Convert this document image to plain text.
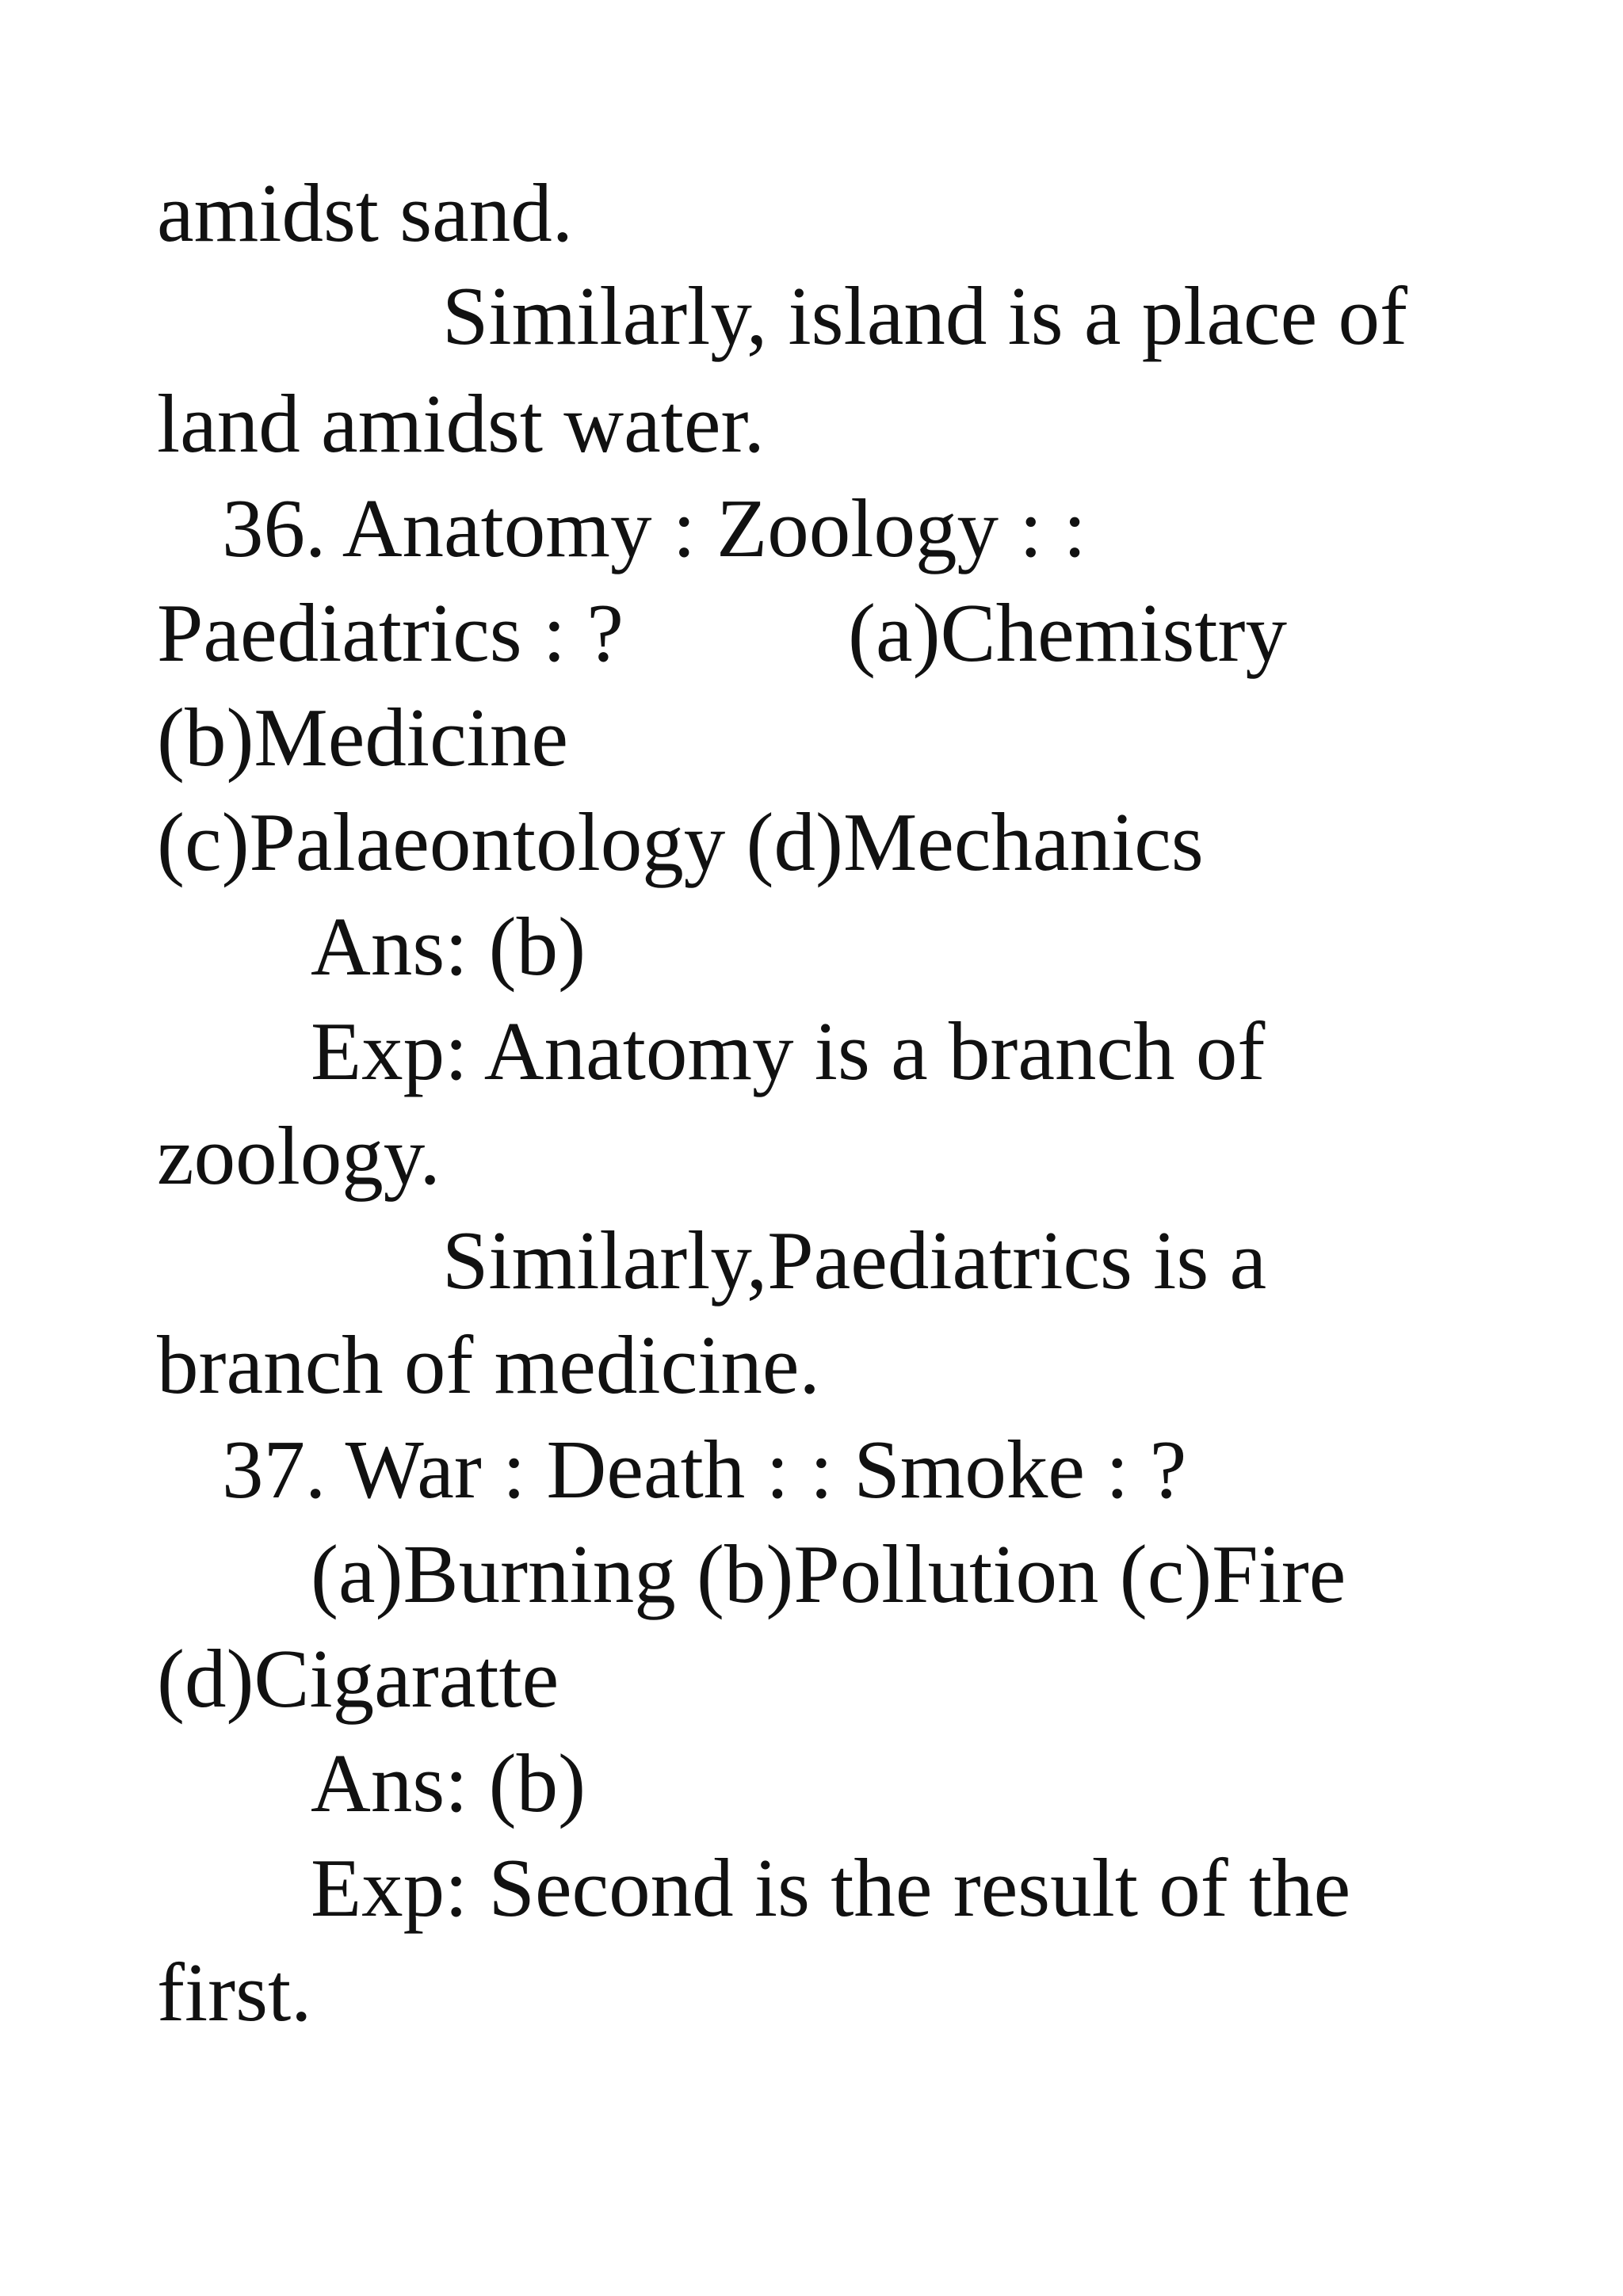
amidst sand.
Similarly, island is a place of
land amidst water.
36. Anatomy : Zoology : :
Paediatrics : ?	(a)Chemistry
(b)Medicine
(c)Palaeontology (d)Mechanics
Ans: (b)
Exp: Anatomy is a branch of
zoology.
Similarly,Paediatrics is a
branch of medicine.
37. War : Death : : Smoke : ?
(a)Burning (b)Pollution (c)Fire
(d)Cigaratte
Ans: (b)
Exp: Second is the result of the
first.
